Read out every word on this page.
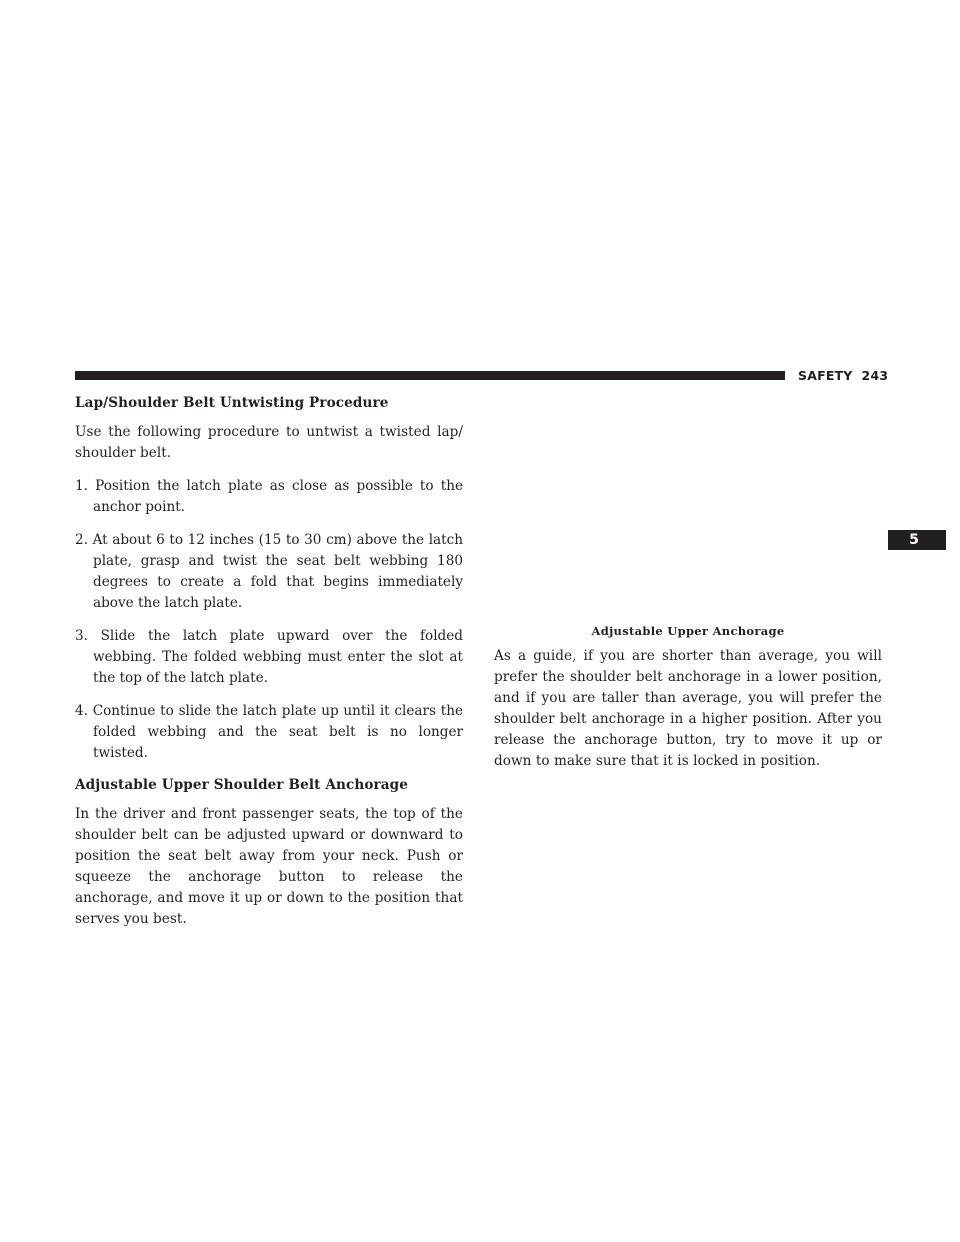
SAFETY 243
5
Lap/Shoulder Belt Untwisting Procedure

Use the following procedure to untwist a twisted lap/ shoulder belt.

1. Position the latch plate as close as possible to the anchor point.
2. At about 6 to 12 inches (15 to 30 cm) above the latch plate, grasp and twist the seat belt webbing 180 degrees to create a fold that begins immediately above the latch plate.
3. Slide the latch plate upward over the folded webbing. The folded webbing must enter the slot at the top of the latch plate.
4. Continue to slide the latch plate up until it clears the folded webbing and the seat belt is no longer twisted.
Adjustable Upper Shoulder Belt Anchorage

In the driver and front passenger seats, the top of the shoulder belt can be adjusted upward or downward to position the seat belt away from your neck. Push or squeeze the anchorage button to release the anchorage, and move it up or down to the position that serves you best.

Adjustable Upper Anchorage

As a guide, if you are shorter than average, you will prefer the shoulder belt anchorage in a lower position, and if you are taller than average, you will prefer the shoulder belt anchorage in a higher position. After you release the anchorage button, try to move it up or down to make sure that it is locked in position.
